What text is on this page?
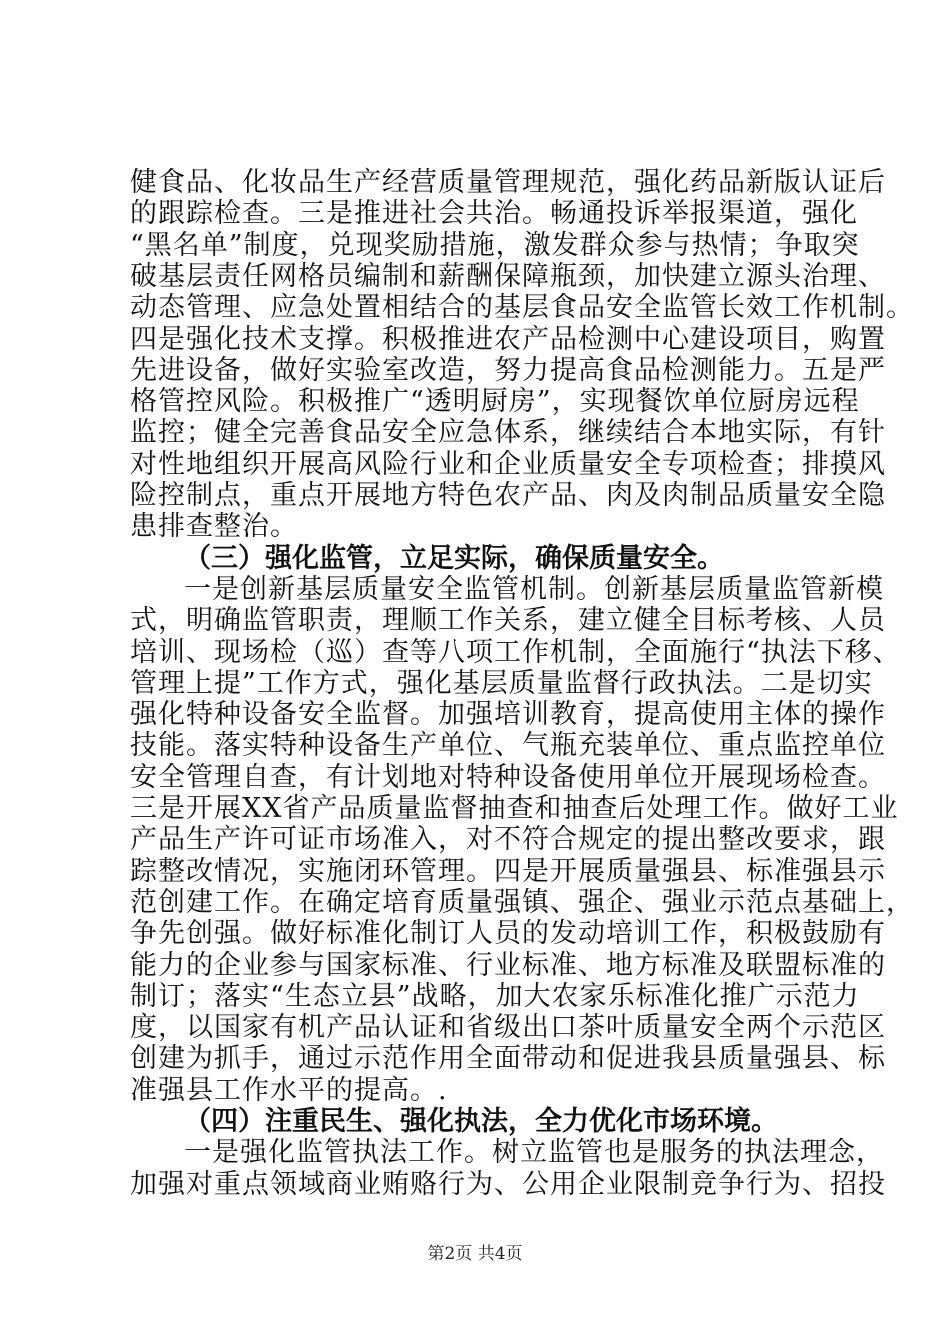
健食品、化妆品生产经营质量管理规范，强化药品新版认证后
的跟踪检查。三是推进社会共治。畅通投诉举报渠道，强化
“黑名单”制度，兑现奖励措施，激发群众参与热情；争取突
破基层责任网格员编制和薪酬保障瓶颈，加快建立源头治理、
动态管理、应急处置相结合的基层食品安全监管长效工作机制。
四是强化技术支撑。积极推进农产品检测中心建设项目，购置
先进设备，做好实验室改造，努力提高食品检测能力。五是严
格管控风险。积极推广“透明厨房”，实现餐饮单位厨房远程
监控；健全完善食品安全应急体系，继续结合本地实际，有针
对性地组织开展高风险行业和企业质量安全专项检查；排摸风
险控制点，重点开展地方特色农产品、肉及肉制品质量安全隐
患排查整治。
（三）强化监管，立足实际，确保质量安全。
一是创新基层质量安全监管机制。创新基层质量监管新模
式，明确监管职责，理顺工作关系，建立健全目标考核、人员
培训、现场检（巡）查等八项工作机制，全面施行“执法下移、
管理上提”工作方式，强化基层质量监督行政执法。二是切实
强化特种设备安全监督。加强培训教育，提高使用主体的操作
技能。落实特种设备生产单位、气瓶充装单位、重点监控单位
安全管理自查，有计划地对特种设备使用单位开展现场检查。
三是开展XX省产品质量监督抽查和抽查后处理工作。做好工业
产品生产许可证市场准入，对不符合规定的提出整改要求，跟
踪整改情况，实施闭环管理。四是开展质量强县、标准强县示
范创建工作。在确定培育质量强镇、强企、强业示范点基础上，
争先创强。做好标准化制订人员的发动培训工作，积极鼓励有
能力的企业参与国家标准、行业标准、地方标准及联盟标准的
制订；落实“生态立县”战略，加大农家乐标准化推广示范力
度，以国家有机产品认证和省级出口茶叶质量安全两个示范区
创建为抓手，通过示范作用全面带动和促进我县质量强县、标
准强县工作水平的提高。.
（四）注重民生、强化执法，全力优化市场环境。
一是强化监管执法工作。树立监管也是服务的执法理念，
加强对重点领域商业贿赂行为、公用企业限制竞争行为、招投
第2页 共4页
